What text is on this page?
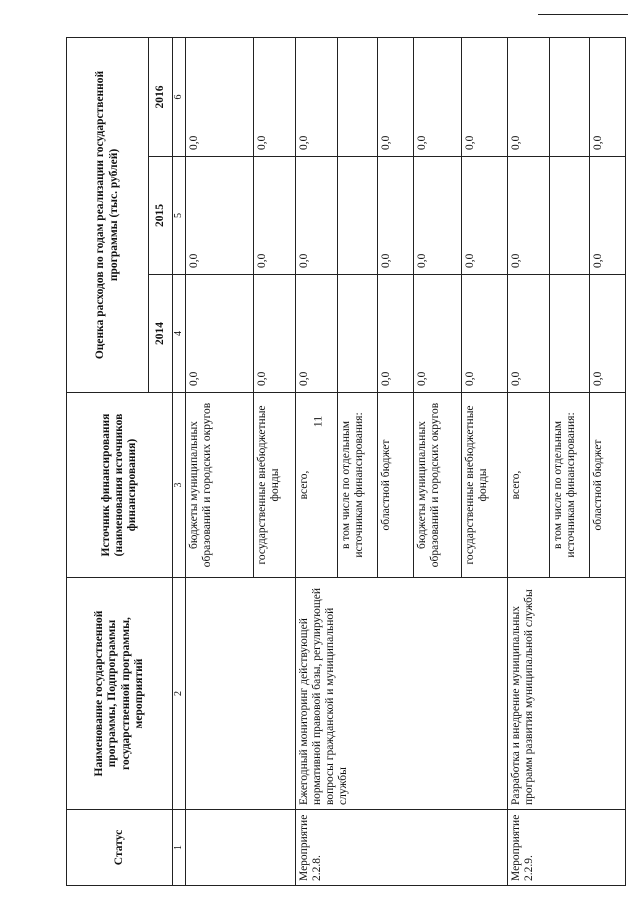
11
Статус	Наименование государственной программы, Подпрограммы государственной программы, мероприятий	Источник финансирования (наименования источников финансирования)	Оценка расходов по годам реализации государственной программы (тыс. рублей)		
			2014	2015	2016
1	2	3	4	5	6
		бюджеты муниципальных образований и городских округов	0,0	0,0	0,0
		государственные внебюджетные фонды	0,0	0,0	0,0
Мероприятие 2.2.8.	Ежегодный мониторинг действующей нормативной правовой базы, регулирующей вопросы гражданской и муниципальной службы	всего,	0,0	0,0	0,0
		в том числе по отдельным источникам финансирования:			
		областной бюджет	0,0	0,0	0,0
		бюджеты муниципальных образований и городских округов	0,0	0,0	0,0
		государственные внебюджетные фонды	0,0	0,0	0,0
Мероприятие 2.2.9.	Разработка и внедрение муниципальных программ развития муниципальной службы	всего,	0,0	0,0	0,0
		в том числе по отдельным источникам финансирования:			
		областной бюджет	0,0	0,0	0,0
